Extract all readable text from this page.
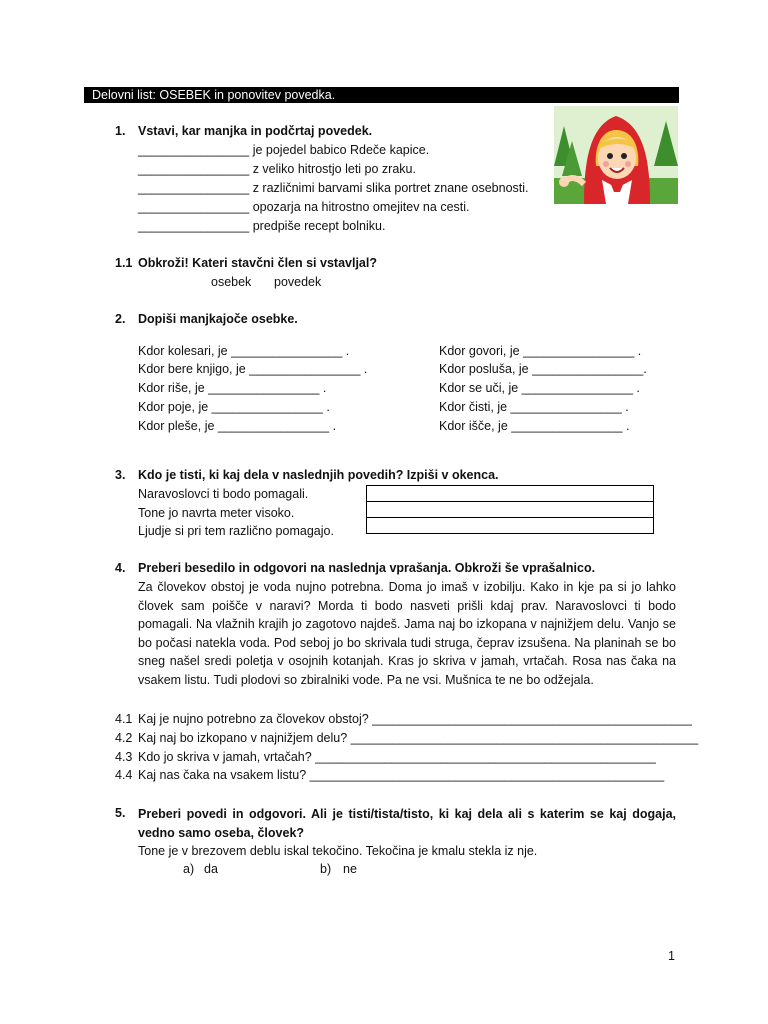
Delovni list: OSEBEK in ponovitev povedka.
1. Vstavi, kar manjka in podčrtaj povedek.
________________ je pojedel babico Rdeče kapice.
________________ z veliko hitrostjo leti po zraku.
________________ z različnimi barvami slika portret znane osebnosti.
________________ opozarja na hitrostno omejitev na cesti.
________________ predpiše recept bolniku.
1.1 Obkroži! Kateri stavčni člen si vstavljal?
osebek povedek
2. Dopiši manjkajoče osebke.
Kdor kolesari, je ________________ .
Kdor bere knjigo, je ________________ .
Kdor riše, je ________________ .
Kdor poje, je ________________ .
Kdor pleše, je ________________ .
Kdor govori, je ________________ .
Kdor posluša, je ________________.
Kdor se uči, je ________________ .
Kdor čisti, je ________________ .
Kdor išče, je ________________ .
3. Kdo je tisti, ki kaj dela v naslednjih povedih? Izpiši v okenca.
Naravoslovci ti bodo pomagali.
Tone jo navrta meter visoko.
Ljudje si pri tem različno pomagajo.
4. Preberi besedilo in odgovori na naslednja vprašanja. Obkroži še vprašalnico.
Za človekov obstoj je voda nujno potrebna. Doma jo imaš v izobilju. Kako in kje pa si jo lahko človek sam poišče v naravi? Morda ti bodo nasveti prišli kdaj prav. Naravoslovci ti bodo pomagali. Na vlažnih krajih jo zagotovo najdeš. Jama naj bo izkopana v najnižjem delu. Vanjo se bo počasi natekla voda. Pod seboj jo bo skrivala tudi struga, čeprav izsušena. Na planinah se bo sneg našel sredi poletja v osojnih kotanjah. Kras jo skriva v jamah, vrtačah. Rosa nas čaka na vsakem listu. Tudi plodovi so zbiralniki vode. Pa ne vsi. Mušnica te ne bo odžejala.
4.1 Kaj je nujno potrebno za človekov obstoj? ______________________________________________
4.2 Kaj naj bo izkopano v najnižjem delu? __________________________________________________
4.3 Kdo jo skriva v jamah, vrtačah? _________________________________________________
4.4 Kaj nas čaka na vsakem listu? ___________________________________________________
5. Preberi povedi in odgovori. Ali je tisti/tista/tisto, ki kaj dela ali s katerim se kaj dogaja, vedno samo oseba, človek?
Tone je v brezovem deblu iskal tekočino. Tekočina je kmalu stekla iz nje.
a) da	b) ne
1
